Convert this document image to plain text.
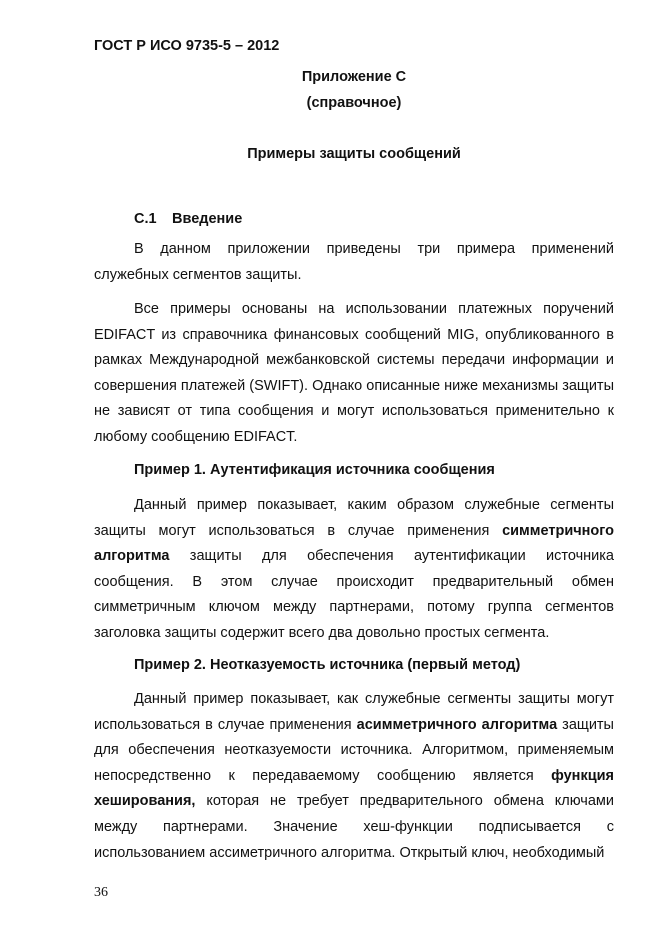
ГОСТ Р ИСО 9735-5 – 2012
Приложение С
(справочное)
Примеры защиты сообщений
С.1 Введение
В данном приложении приведены три примера применений
служебных сегментов защиты.
Все примеры основаны на использовании платежных поручений
EDIFACT из справочника финансовых сообщений MIG, опубликованного в
рамках Международной межбанковской системы передачи информации и
совершения платежей (SWIFT). Однако описанные ниже механизмы защиты
не зависят от типа сообщения и могут использоваться применительно к
любому сообщению EDIFACT.
Пример 1. Аутентификация источника сообщения
Данный пример показывает, каким образом служебные сегменты
защиты могут использоваться в случае применения симметричного
алгоритма защиты для обеспечения аутентификации источника
сообщения. В этом случае происходит предварительный обмен
симметричным ключом между партнерами, потому группа сегментов
заголовка защиты содержит всего два довольно простых сегмента.
Пример 2. Неотказуемость источника (первый метод)
Данный пример показывает, как служебные сегменты защиты могут
использоваться в случае применения асимметричного алгоритма защиты
для обеспечения неотказуемости источника. Алгоритмом, применяемым
непосредственно к передаваемому сообщению является функция
хеширования, которая не требует предварительного обмена ключами
между партнерами. Значение хеш-функции подписывается с
использованием ассиметричного алгоритма. Открытый ключ, необходимый
36
